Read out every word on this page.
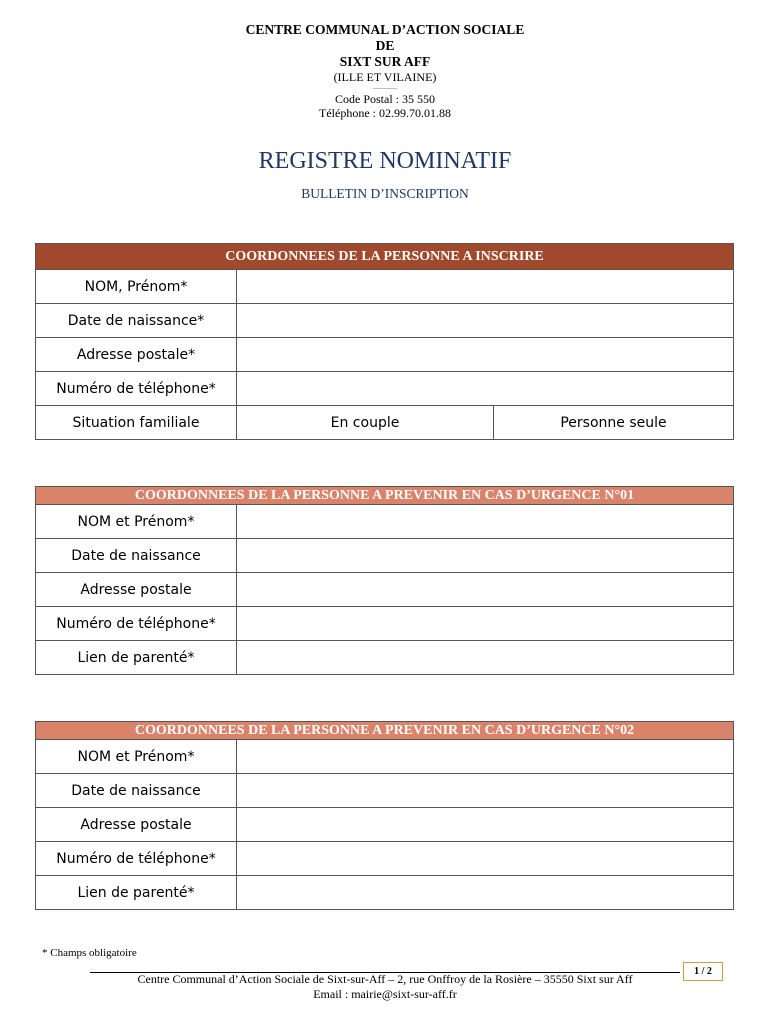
CENTRE COMMUNAL D’ACTION SOCIALE
DE
SIXT SUR AFF
(ILLE ET VILAINE)
———
Code Postal : 35 550
Téléphone : 02.99.70.01.88
REGISTRE NOMINATIF
BULLETIN D’INSCRIPTION
COORDONNEES DE LA PERSONNE A INSCRIRE		
NOM, Prénom*		
Date de naissance*		
Adresse postale*		
Numéro de téléphone*		
Situation familiale	En couple	Personne seule
COORDONNEES DE LA PERSONNE A PREVENIR EN CAS D’URGENCE N°01	
NOM et Prénom*	
Date de naissance	
Adresse postale	
Numéro de téléphone*	
Lien de parenté*	
COORDONNEES DE LA PERSONNE A PREVENIR EN CAS D’URGENCE N°02	
NOM et Prénom*	
Date de naissance	
Adresse postale	
Numéro de téléphone*	
Lien de parenté*	
* Champs obligatoire
1 / 2
Centre Communal d’Action Sociale de Sixt-sur-Aff – 2, rue Onffroy de la Rosière – 35550 Sixt sur Aff
Email : mairie@sixt-sur-aff.fr
